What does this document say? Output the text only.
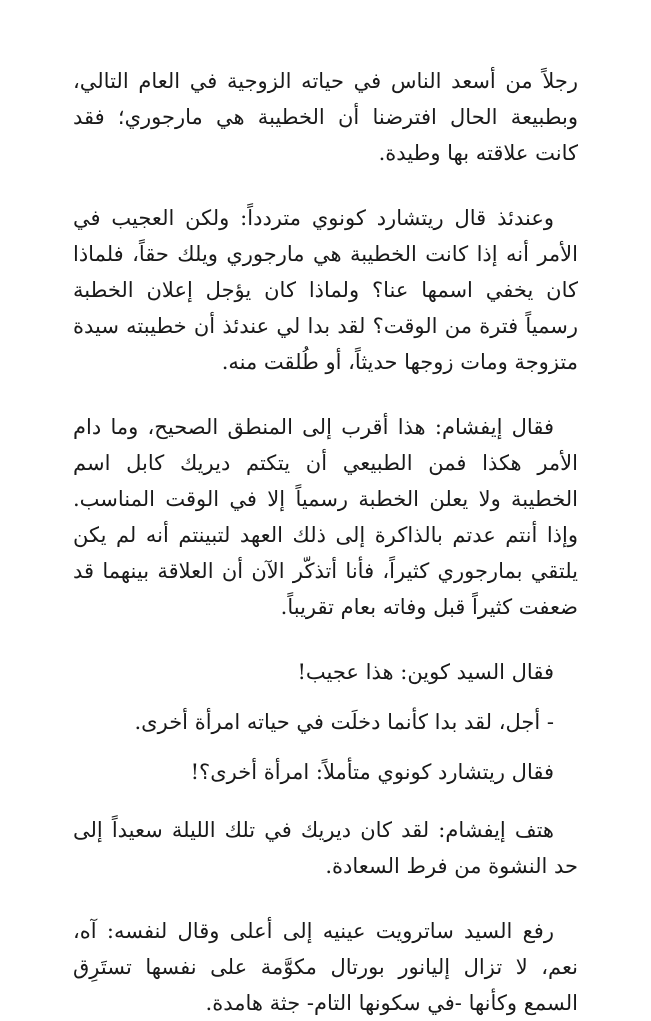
رجلاً من أسعد الناس في حياته الزوجية في العام التالي، وبطبيعة الحال افترضنا أن الخطيبة هي مارجوري؛ فقد كانت علاقته بها وطيدة.

وعندئذ قال ريتشارد كونوي متردداً: ولكن العجيب في الأمر أنه إذا كانت الخطيبة هي مارجوري ويلك حقاً، فلماذا كان يخفي اسمها عنا؟ ولماذا كان يؤجل إعلان الخطبة رسمياً فترة من الوقت؟ لقد بدا لي عندئذ أن خطيبته سيدة متزوجة ومات زوجها حديثاً، أو طُلقت منه.

فقال إيفشام: هذا أقرب إلى المنطق الصحيح، وما دام الأمر هكذا فمن الطبيعي أن يتكتم ديريك كابل اسم الخطيبة ولا يعلن الخطبة رسمياً إلا في الوقت المناسب. وإذا أنتم عدتم بالذاكرة إلى ذلك العهد لتبينتم أنه لم يكن يلتقي بمارجوري كثيراً، فأنا أتذكّر الآن أن العلاقة بينهما قد ضعفت كثيراً قبل وفاته بعام تقريباً.

فقال السيد كوين: هذا عجيب!

- أجل، لقد بدا كأنما دخلَت في حياته امرأة أخرى.

فقال ريتشارد كونوي متأملاً: امرأة أخرى؟!

هتف إيفشام: لقد كان ديريك في تلك الليلة سعيداً إلى حد النشوة من فرط السعادة.

رفع السيد ساترويت عينيه إلى أعلى وقال لنفسه: آه، نعم، لا تزال إليانور بورتال مكوَّمة على نفسها تستَرِق السمع وكأنها -في سكونها التام- جثة هامدة.
